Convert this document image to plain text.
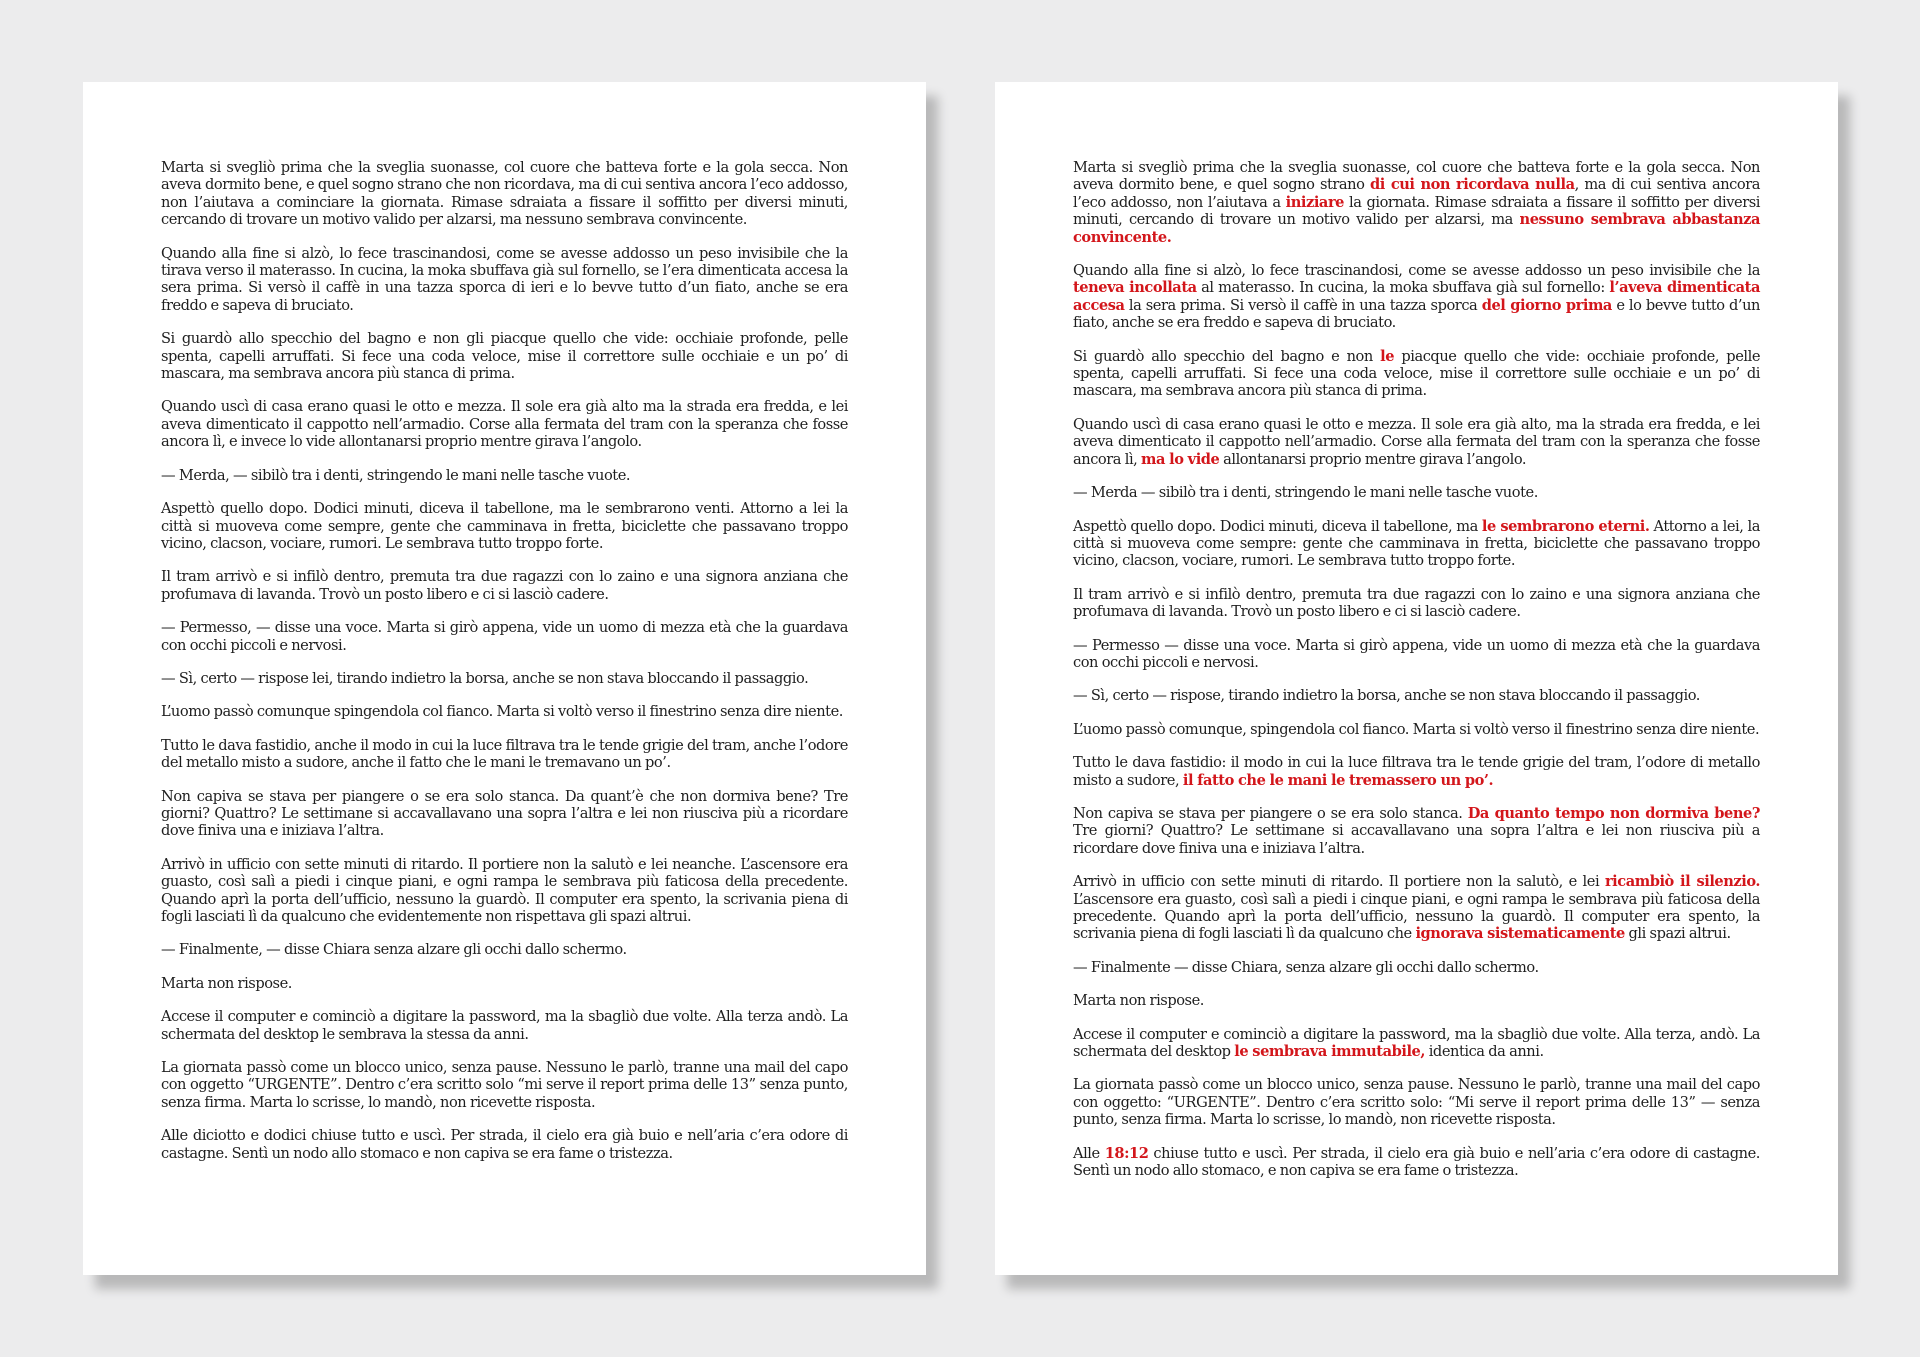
Marta si svegliò prima che la sveglia suonasse, col cuore che batteva forte e la gola secca. Non aveva dormito bene, e quel sogno strano che non ricordava, ma di cui sentiva ancora l’eco addosso, non l’aiutava a cominciare la giornata. Rimase sdraiata a fissare il soffitto per diversi minuti, cercando di trovare un motivo valido per alzarsi, ma nessuno sembrava convincente.

Quando alla fine si alzò, lo fece trascinandosi, come se avesse addosso un peso invisibile che la tirava verso il materasso. In cucina, la moka sbuffava già sul fornello, se l’era dimenticata accesa la sera prima. Si versò il caffè in una tazza sporca di ieri e lo bevve tutto d’un fiato, anche se era freddo e sapeva di bruciato.

Si guardò allo specchio del bagno e non gli piacque quello che vide: occhiaie profonde, pelle spenta, capelli arruffati. Si fece una coda veloce, mise il correttore sulle occhiaie e un po’ di mascara, ma sembrava ancora più stanca di prima.

Quando uscì di casa erano quasi le otto e mezza. Il sole era già alto ma la strada era fredda, e lei aveva dimenticato il cappotto nell’armadio. Corse alla fermata del tram con la speranza che fosse ancora lì, e invece lo vide allontanarsi proprio mentre girava l’angolo.

— Merda, — sibilò tra i denti, stringendo le mani nelle tasche vuote.

Aspettò quello dopo. Dodici minuti, diceva il tabellone, ma le sembrarono venti. Attorno a lei la città si muoveva come sempre, gente che camminava in fretta, biciclette che passavano troppo vicino, clacson, vociare, rumori. Le sembrava tutto troppo forte.

Il tram arrivò e si infilò dentro, premuta tra due ragazzi con lo zaino e una signora anziana che profumava di lavanda. Trovò un posto libero e ci si lasciò cadere.

— Permesso, — disse una voce. Marta si girò appena, vide un uomo di mezza età che la guardava con occhi piccoli e nervosi.

— Sì, certo — rispose lei, tirando indietro la borsa, anche se non stava bloccando il passaggio.

L’uomo passò comunque spingendola col fianco. Marta si voltò verso il finestrino senza dire niente.

Tutto le dava fastidio, anche il modo in cui la luce filtrava tra le tende grigie del tram, anche l’odore del metallo misto a sudore, anche il fatto che le mani le tremavano un po’.

Non capiva se stava per piangere o se era solo stanca. Da quant’è che non dormiva bene? Tre giorni? Quattro? Le settimane si accavallavano una sopra l’altra e lei non riusciva più a ricordare dove finiva una e iniziava l’altra.

Arrivò in ufficio con sette minuti di ritardo. Il portiere non la salutò e lei neanche. L’ascensore era guasto, così salì a piedi i cinque piani, e ogni rampa le sembrava più faticosa della precedente. Quando aprì la porta dell’ufficio, nessuno la guardò. Il computer era spento, la scrivania piena di fogli lasciati lì da qualcuno che evidentemente non rispettava gli spazi altrui.

— Finalmente, — disse Chiara senza alzare gli occhi dallo schermo.

Marta non rispose.

Accese il computer e cominciò a digitare la password, ma la sbagliò due volte. Alla terza andò. La schermata del desktop le sembrava la stessa da anni.

La giornata passò come un blocco unico, senza pause. Nessuno le parlò, tranne una mail del capo con oggetto “URGENTE”. Dentro c’era scritto solo “mi serve il report prima delle 13” senza punto, senza firma. Marta lo scrisse, lo mandò, non ricevette risposta.

Alle diciotto e dodici chiuse tutto e uscì. Per strada, il cielo era già buio e nell’aria c’era odore di castagne. Sentì un nodo allo stomaco e non capiva se era fame o tristezza.

Marta si svegliò prima che la sveglia suonasse, col cuore che batteva forte e la gola secca. Non aveva dormito bene, e quel sogno strano di cui non ricordava nulla, ma di cui sentiva ancora l’eco addosso, non l’aiutava a iniziare la giornata. Rimase sdraiata a fissare il soffitto per diversi minuti, cercando di trovare un motivo valido per alzarsi, ma nessuno sembrava abbastanza convincente.

Quando alla fine si alzò, lo fece trascinandosi, come se avesse addosso un peso invisibile che la teneva incollata al materasso. In cucina, la moka sbuffava già sul fornello: l’aveva dimenticata accesa la sera prima. Si versò il caffè in una tazza sporca del giorno prima e lo bevve tutto d’un fiato, anche se era freddo e sapeva di bruciato.

Si guardò allo specchio del bagno e non le piacque quello che vide: occhiaie profonde, pelle spenta, capelli arruffati. Si fece una coda veloce, mise il correttore sulle occhiaie e un po’ di mascara, ma sembrava ancora più stanca di prima.

Quando uscì di casa erano quasi le otto e mezza. Il sole era già alto, ma la strada era fredda, e lei aveva dimenticato il cappotto nell’armadio. Corse alla fermata del tram con la speranza che fosse ancora lì, ma lo vide allontanarsi proprio mentre girava l’angolo.

— Merda — sibilò tra i denti, stringendo le mani nelle tasche vuote.

Aspettò quello dopo. Dodici minuti, diceva il tabellone, ma le sembrarono eterni. Attorno a lei, la città si muoveva come sempre: gente che camminava in fretta, biciclette che passavano troppo vicino, clacson, vociare, rumori. Le sembrava tutto troppo forte.

Il tram arrivò e si infilò dentro, premuta tra due ragazzi con lo zaino e una signora anziana che profumava di lavanda. Trovò un posto libero e ci si lasciò cadere.

— Permesso — disse una voce. Marta si girò appena, vide un uomo di mezza età che la guardava con occhi piccoli e nervosi.

— Sì, certo — rispose, tirando indietro la borsa, anche se non stava bloccando il passaggio.

L’uomo passò comunque, spingendola col fianco. Marta si voltò verso il finestrino senza dire niente.

Tutto le dava fastidio: il modo in cui la luce filtrava tra le tende grigie del tram, l’odore di metallo misto a sudore, il fatto che le mani le tremassero un po’.

Non capiva se stava per piangere o se era solo stanca. Da quanto tempo non dormiva bene? Tre giorni? Quattro? Le settimane si accavallavano una sopra l’altra e lei non riusciva più a ricordare dove finiva una e iniziava l’altra.

Arrivò in ufficio con sette minuti di ritardo. Il portiere non la salutò, e lei ricambiò il silenzio. L’ascensore era guasto, così salì a piedi i cinque piani, e ogni rampa le sembrava più faticosa della precedente. Quando aprì la porta dell’ufficio, nessuno la guardò. Il computer era spento, la scrivania piena di fogli lasciati lì da qualcuno che ignorava sistematicamente gli spazi altrui.

— Finalmente — disse Chiara, senza alzare gli occhi dallo schermo.

Marta non rispose.

Accese il computer e cominciò a digitare la password, ma la sbagliò due volte. Alla terza, andò. La schermata del desktop le sembrava immutabile, identica da anni.

La giornata passò come un blocco unico, senza pause. Nessuno le parlò, tranne una mail del capo con oggetto: “URGENTE”. Dentro c’era scritto solo: “Mi serve il report prima delle 13” — senza punto, senza firma. Marta lo scrisse, lo mandò, non ricevette risposta.

Alle 18:12 chiuse tutto e uscì. Per strada, il cielo era già buio e nell’aria c’era odore di castagne. Sentì un nodo allo stomaco, e non capiva se era fame o tristezza.
